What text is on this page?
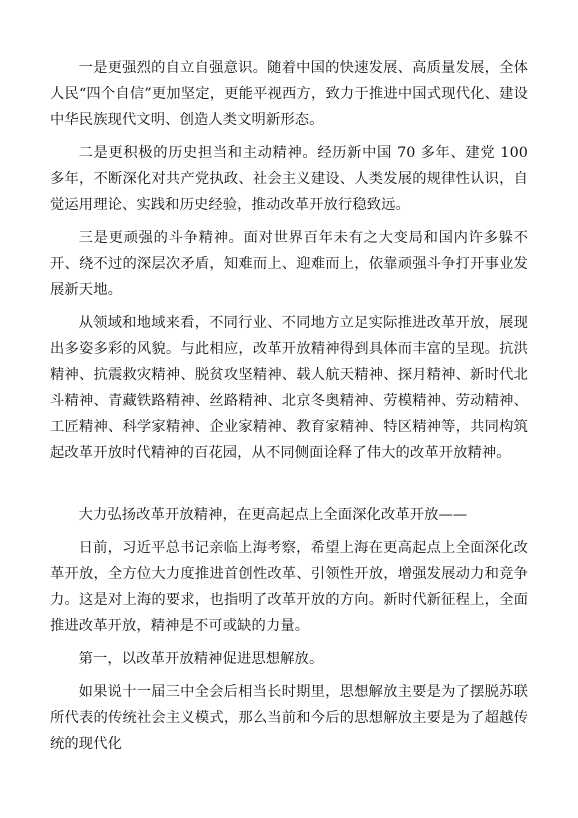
一是更强烈的自立自强意识。随着中国的快速发展、高质量发展，全体人民“四个自信”更加坚定，更能平视西方，致力于推进中国式现代化、建设中华民族现代文明、创造人类文明新形态。

二是更积极的历史担当和主动精神。经历新中国 70 多年、建党 100 多年，不断深化对共产党执政、社会主义建设、人类发展的规律性认识，自觉运用理论、实践和历史经验，推动改革开放行稳致远。

三是更顽强的斗争精神。面对世界百年未有之大变局和国内许多躲不开、绕不过的深层次矛盾，知难而上、迎难而上，依靠顽强斗争打开事业发展新天地。

从领域和地域来看，不同行业、不同地方立足实际推进改革开放，展现出多姿多彩的风貌。与此相应，改革开放精神得到具体而丰富的呈现。抗洪精神、抗震救灾精神、脱贫攻坚精神、载人航天精神、探月精神、新时代北斗精神、青藏铁路精神、丝路精神、北京冬奥精神、劳模精神、劳动精神、工匠精神、科学家精神、企业家精神、教育家精神、特区精神等，共同构筑起改革开放时代精神的百花园，从不同侧面诠释了伟大的改革开放精神。

大力弘扬改革开放精神，在更高起点上全面深化改革开放——

日前，习近平总书记亲临上海考察，希望上海在更高起点上全面深化改革开放，全方位大力度推进首创性改革、引领性开放，增强发展动力和竞争力。这是对上海的要求，也指明了改革开放的方向。新时代新征程上，全面推进改革开放，精神是不可或缺的力量。

第一，以改革开放精神促进思想解放。

如果说十一届三中全会后相当长时期里，思想解放主要是为了摆脱苏联所代表的传统社会主义模式，那么当前和今后的思想解放主要是为了超越传统的现代化
